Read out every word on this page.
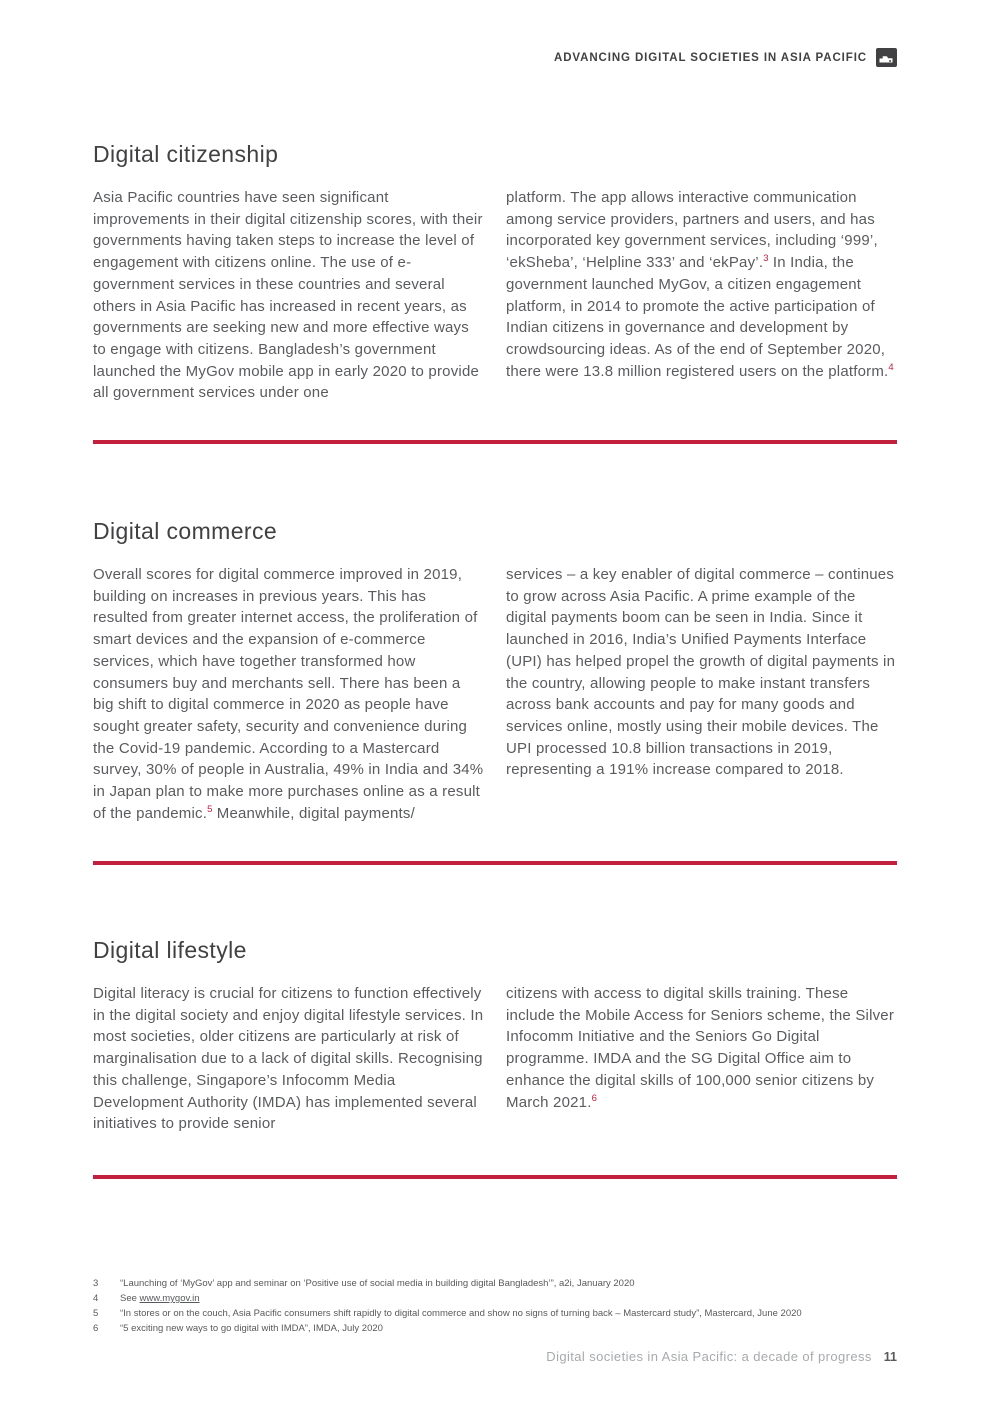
ADVANCING DIGITAL SOCIETIES IN ASIA PACIFIC
Digital citizenship

Asia Pacific countries have seen significant improvements in their digital citizenship scores, with their governments having taken steps to increase the level of engagement with citizens online. The use of e-government services in these countries and several others in Asia Pacific has increased in recent years, as governments are seeking new and more effective ways to engage with citizens. Bangladesh’s government launched the MyGov mobile app in early 2020 to provide all government services under one

platform. The app allows interactive communication among service providers, partners and users, and has incorporated key government services, including ‘999’, ‘ekSheba’, ‘Helpline 333’ and ‘ekPay’.$^3$ In India, the government launched MyGov, a citizen engagement platform, in 2014 to promote the active participation of Indian citizens in governance and development by crowdsourcing ideas. As of the end of September 2020, there were 13.8 million registered users on the platform.$^4$

Digital commerce

Overall scores for digital commerce improved in 2019, building on increases in previous years. This has resulted from greater internet access, the proliferation of smart devices and the expansion of e-commerce services, which have together transformed how consumers buy and merchants sell. There has been a big shift to digital commerce in 2020 as people have sought greater safety, security and convenience during the Covid-19 pandemic. According to a Mastercard survey, 30% of people in Australia, 49% in India and 34% in Japan plan to make more purchases online as a result of the pandemic.$^5$ Meanwhile, digital payments/

services – a key enabler of digital commerce – continues to grow across Asia Pacific. A prime example of the digital payments boom can be seen in India. Since it launched in 2016, India’s Unified Payments Interface (UPI) has helped propel the growth of digital payments in the country, allowing people to make instant transfers across bank accounts and pay for many goods and services online, mostly using their mobile devices. The UPI processed 10.8 billion transactions in 2019, representing a 191% increase compared to 2018.

Digital lifestyle

Digital literacy is crucial for citizens to function effectively in the digital society and enjoy digital lifestyle services. In most societies, older citizens are particularly at risk of marginalisation due to a lack of digital skills. Recognising this challenge, Singapore’s Infocomm Media Development Authority (IMDA) has implemented several initiatives to provide senior

citizens with access to digital skills training. These include the Mobile Access for Seniors scheme, the Silver Infocomm Initiative and the Seniors Go Digital programme. IMDA and the SG Digital Office aim to enhance the digital skills of 100,000 senior citizens by March 2021.$^6$

3	“Launching of ‘MyGov’ app and seminar on ‘Positive use of social media in building digital Bangladesh’”, a2i, January 2020
4	See www.mygov.in
5	“In stores or on the couch, Asia Pacific consumers shift rapidly to digital commerce and show no signs of turning back – Mastercard study”, Mastercard, June 2020
6	“5 exciting new ways to go digital with IMDA”, IMDA, July 2020
Digital societies in Asia Pacific: a decade of progress 11
